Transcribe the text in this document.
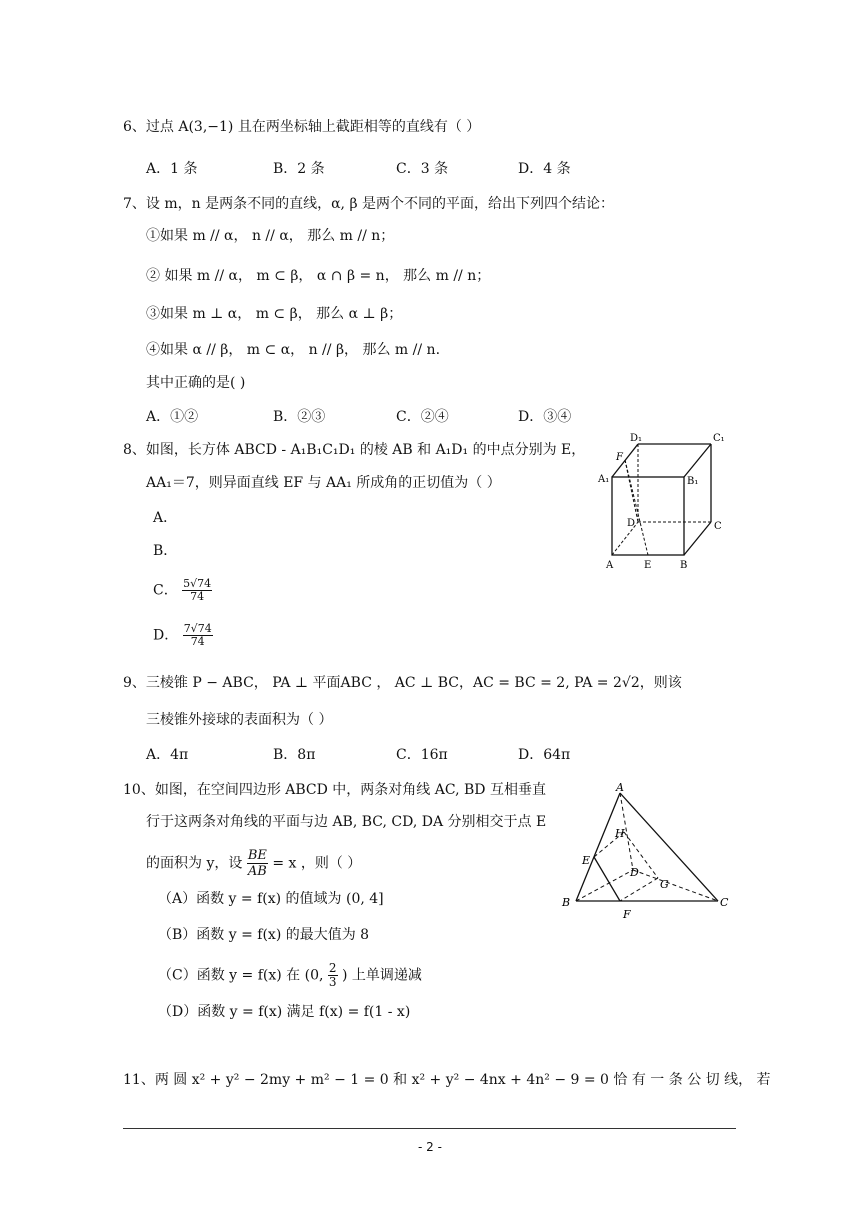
6、过点 A(3,−1) 且在两坐标轴上截距相等的直线有（ ）
A．1 条	B．2 条	C．3 条	D．4 条
7、设 m，n 是两条不同的直线，α, β 是两个不同的平面，给出下列四个结论：
①如果 m // α， n // α， 那么 m // n；
② 如果 m // α， m ⊂ β， α ∩ β = n， 那么 m // n；
③如果 m ⊥ α， m ⊂ β， 那么 α ⊥ β；
④如果 α // β， m ⊂ α， n // β， 那么 m // n.
其中正确的是( )
A．①②	B．②③	C．②④	D．③④
8、如图，长方体 ABCD - A₁B₁C₁D₁ 的棱 AB 和 A₁D₁ 的中点分别为 E，
AA₁＝7，则异面直线 EF 与 AA₁ 所成角的正切值为（ ）
A．
B．
C． $\frac{5√74}{74}$
D． $\frac{7√74}{74}$
D₁	C₁
F
A₁	B₁
D	C
A	E	B
9、三棱锥 P − ABC， PA ⊥ 平面ABC ， AC ⊥ BC，AC = BC = 2, PA = 2√2，则该
三棱锥外接球的表面积为（ ）
A．4π	B．8π	C．16π	D．64π
10、如图，在空间四边形 ABCD 中，两条对角线 AC, BD 互相垂直
行于这两条对角线的平面与边 AB, BC, CD, DA 分别相交于点 E
的面积为 y，设 $\frac{BE}{AB} = x$ ，则（ ）
（A）函数 y = f(x) 的值域为 (0, 4]
（B）函数 y = f(x) 的最大值为 8
（C）函数 y = f(x) 在 (0, $\frac{2}{3}$ ) 上单调递减
（D）函数 y = f(x) 满足 f(x) = f(1 - x)
A
H
E
D
G
B
F
C
11、两 圆 x² + y² − 2my + m² − 1 = 0 和 x² + y² − 4nx + 4n² − 9 = 0 恰 有 一 条 公 切 线， 若
- 2 -
